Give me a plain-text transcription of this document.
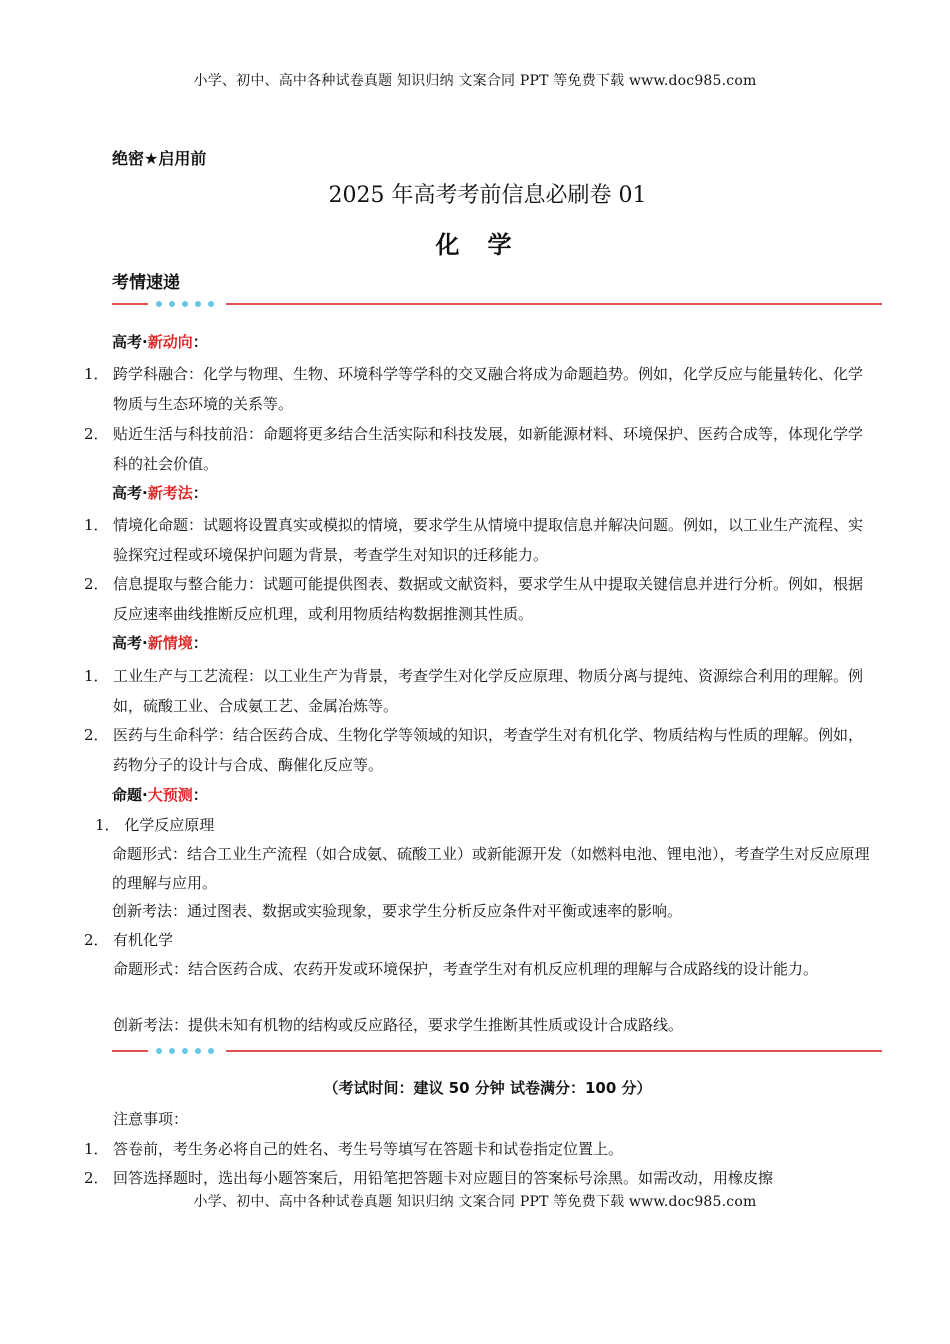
小学、初中、高中各种试卷真题 知识归纳 文案合同 PPT 等免费下载 www.doc985.com
绝密★启用前
2025 年高考考前信息必刷卷 01
化学
考情速递
高考·新动向：
1． 跨学科融合：化学与物理、生物、环境科学等学科的交叉融合将成为命题趋势。例如，化学反应与能量转化、化学物质与生态环境的关系等。
2． 贴近生活与科技前沿：命题将更多结合生活实际和科技发展，如新能源材料、环境保护、医药合成等，体现化学学科的社会价值。
高考·新考法：
1． 情境化命题：试题将设置真实或模拟的情境，要求学生从情境中提取信息并解决问题。例如，以工业生产流程、实验探究过程或环境保护问题为背景，考查学生对知识的迁移能力。
2． 信息提取与整合能力：试题可能提供图表、数据或文献资料，要求学生从中提取关键信息并进行分析。例如，根据反应速率曲线推断反应机理，或利用物质结构数据推测其性质。
高考·新情境：
1． 工业生产与工艺流程：以工业生产为背景，考查学生对化学反应原理、物质分离与提纯、资源综合利用的理解。例如，硫酸工业、合成氨工艺、金属冶炼等。
2． 医药与生命科学：结合医药合成、生物化学等领域的知识，考查学生对有机化学、物质结构与性质的理解。例如，药物分子的设计与合成、酶催化反应等。
命题·大预测：
1． 化学反应原理
命题形式：结合工业生产流程（如合成氨、硫酸工业）或新能源开发（如燃料电池、锂电池），考查学生对反应原理的理解与应用。
创新考法：通过图表、数据或实验现象，要求学生分析反应条件对平衡或速率的影响。
2． 有机化学
命题形式：结合医药合成、农药开发或环境保护，考查学生对有机反应机理的理解与合成路线的设计能力。
创新考法：提供未知有机物的结构或反应路径，要求学生推断其性质或设计合成路线。
（考试时间：建议 50 分钟 试卷满分：100 分）
注意事项：
1． 答卷前，考生务必将自己的姓名、考生号等填写在答题卡和试卷指定位置上。
2． 回答选择题时，选出每小题答案后，用铅笔把答题卡对应题目的答案标号涂黑。如需改动，用橡皮擦
小学、初中、高中各种试卷真题 知识归纳 文案合同 PPT 等免费下载 www.doc985.com
